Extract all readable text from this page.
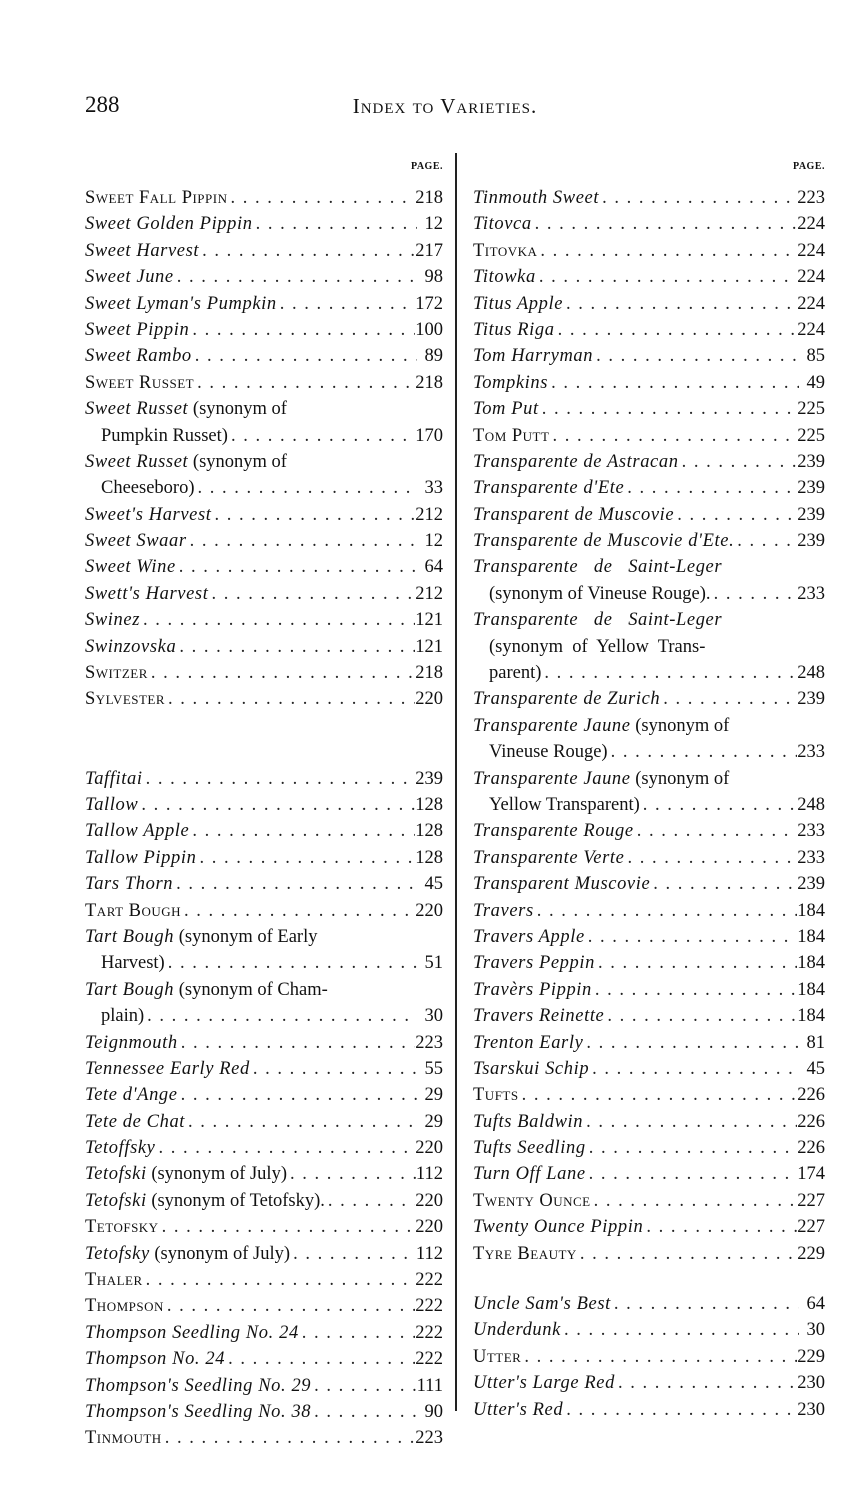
288	Index to Varieties.
PAGE.
Sweet Fall Pippin . . .	218
Sweet Golden Pippin . . .	12
Sweet Harvest . . .	217
Sweet June . . .	98
Sweet Lyman's Pumpkin . . .	172
Sweet Pippin . . .	100
Sweet Rambo . . .	89
Sweet Russet . . .	218
Sweet Russet (synonym of
Pumpkin Russet) . . .	170
Sweet Russet (synonym of
Cheeseboro) . . .	33
Sweet's Harvest . . .	212
Sweet Swaar . . .	12
Sweet Wine . . .	64
Swett's Harvest . . .	212
Swinez . . .	121
Swinzovska . . .	121
Switzer . . .	218
Sylvester . . .	220
Taffitai . . .	239
Tallow . . .	128
Tallow Apple . . .	128
Tallow Pippin . . .	128
Tars Thorn . . .	45
Tart Bough . . .	220
Tart Bough (synonym of Early
Harvest) . . .	51
Tart Bough (synonym of Cham-
plain) . . .	30
Teignmouth . . .	223
Tennessee Early Red . . .	55
Tete d'Ange . . .	29
Tete de Chat . . .	29
Tetoffsky . . .	220
Tetofski (synonym of July) . . .	112
Tetofski (synonym of Tetofsky). . . .	220
Tetofsky . . .	220
Tetofsky (synonym of July) . . .	112
Thaler . . .	222
Thompson . . .	222
Thompson Seedling No. 24 . . .	222
Thompson No. 24 . . .	222
Thompson's Seedling No. 29 . . .	111
Thompson's Seedling No. 38 . . .	90
Tinmouth . . .	223
PAGE.
Tinmouth Sweet . . .	223
Titovca . . .	224
Titovka . . .	224
Titowka . . .	224
Titus Apple . . .	224
Titus Riga . . .	224
Tom Harryman . . .	85
Tompkins . . .	49
Tom Put . . .	225
Tom Putt . . .	225
Transparente de Astracan . . .	239
Transparente d'Ete . . .	239
Transparent de Muscovie . . .	239
Transparente de Muscovie d'Ete. . . .	239
Transparente   de   Saint-Leger
(synonym of Vineuse Rouge). . . .	233
Transparente   de   Saint-Leger
(synonym  of  Yellow  Trans-
parent) . . .	248
Transparente de Zurich . . .	239
Transparente Jaune (synonym of
Vineuse Rouge) . . .	233
Transparente Jaune (synonym of
Yellow Transparent) . . .	248
Transparente Rouge . . .	233
Transparente Verte . . .	233
Transparent Muscovie . . .	239
Travers . . .	184
Travers Apple . . .	184
Travers Peppin . . .	184
Travèrs Pippin . . .	184
Travers Reinette . . .	184
Trenton Early . . .	81
Tsarskui Schip . . .	45
Tufts . . .	226
Tufts Baldwin . . .	226
Tufts Seedling . . .	226
Turn Off Lane . . .	174
Twenty Ounce . . .	227
Twenty Ounce Pippin . . .	227
Tyre Beauty . . .	229
Uncle Sam's Best . . .	64
Underdunk . . .	30
Utter . . .	229
Utter's Large Red . . .	230
Utter's Red . . .	230
